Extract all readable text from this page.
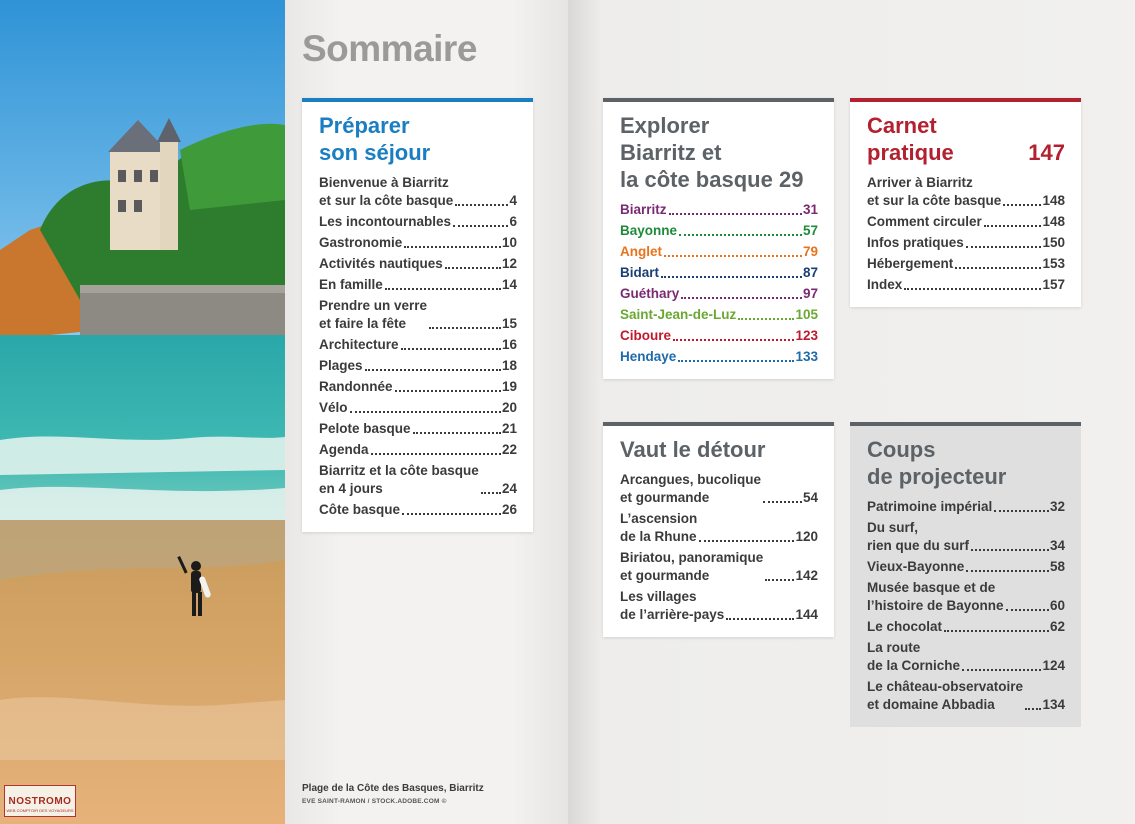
Sommaire
Préparer
son séjour
Bienvenue à Biarritz
et sur la côte basque	4
Les incontournables	6
Gastronomie	10
Activités nautiques	12
En famille	14
Prendre un verre
et faire la fête	15
Architecture	16
Plages	18
Randonnée	19
Vélo	20
Pelote basque	21
Agenda	22
Biarritz et la côte basque
en 4 jours	24
Côte basque	26
Explorer
Biarritz et
la côte basque 29
Biarritz	31
Bayonne	57
Anglet	79
Bidart	87
Guéthary	97
Saint-Jean-de-Luz	105
Ciboure	123
Hendaye	133
Vaut le détour
Arcangues, bucolique
et gourmande	54
L’ascension
de la Rhune	120
Biriatou, panoramique
et gourmande	142
Les villages
de l’arrière-pays	144
147
Carnet
pratique
Arriver à Biarritz
et sur la côte basque	148
Comment circuler	148
Infos pratiques	150
Hébergement	153
Index	157
Coups
de projecteur
Patrimoine impérial	32
Du surf,
rien que du surf	34
Vieux-Bayonne	58
Musée basque et de
l’histoire de Bayonne	60
Le chocolat	62
La route
de la Corniche	124
Le château-observatoire
et domaine Abbadia	134
Plage de la Côte des Basques, Biarritz
EVE SAINT-RAMON / STOCK.ADOBE.COM ©
NOSTROMO
WEB COMPTOIR DES VOYAGEURS
